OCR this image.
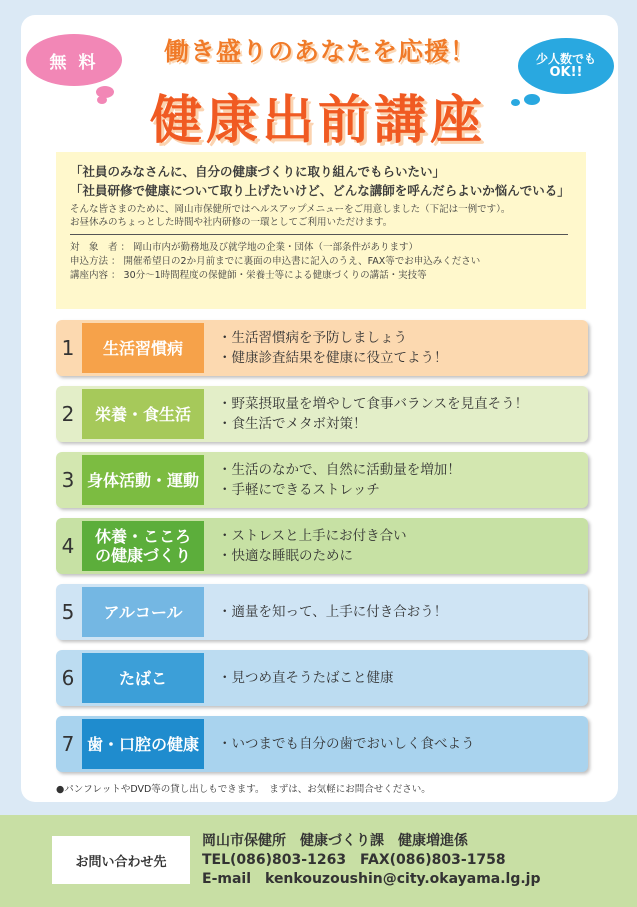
無 料	少人数でも
OK!!
働き盛りのあなたを応援！
健康出前講座
「社員のみなさんに、自分の健康づくりに取り組んでもらいたい」
「社員研修で健康について取り上げたいけど、どんな講師を呼んだらよいか悩んでいる」
そんな皆さまのために、岡山市保健所ではヘルスアップメニューをご用意しました（下記は一例です）。
お昼休みのちょっとした時間や社内研修の一環としてご利用いただけます。
対　象　者 ： 岡山市内が勤務地及び就学地の企業・団体（一部条件があります）
申込方法 ： 開催希望日の2か月前までに裏面の申込書に記入のうえ、FAX等でお申込みください
講座内容 ： 30分〜1時間程度の保健師・栄養士等による健康づくりの講話・実技等
1	生活習慣病
・生活習慣病を予防しましょう
・健康診査結果を健康に役立てよう！
2	栄養・食生活
・野菜摂取量を増やして食事バランスを見直そう！
・食生活でメタボ対策！
3 身体活動・運動
・生活のなかで、自然に活動量を増加！
・手軽にできるストレッチ
4	休養・こころの健康づくり
・ストレスと上手にお付き合い
・快適な睡眠のために
5	アルコール	・適量を知って、上手に付き合おう！
6	たばこ	・見つめ直そうたばこと健康
7 歯・口腔の健康 ・いつまでも自分の歯でおいしく食べよう
●パンフレットやDVD等の貸し出しもできます。　まずは、お気軽にお問合せください。
お問い合わせ先
岡山市保健所　健康づくり課　健康増進係
TEL(086)803-1263　FAX(086)803-1758
E-mail　kenkouzoushin@city.okayama.lg.jp
